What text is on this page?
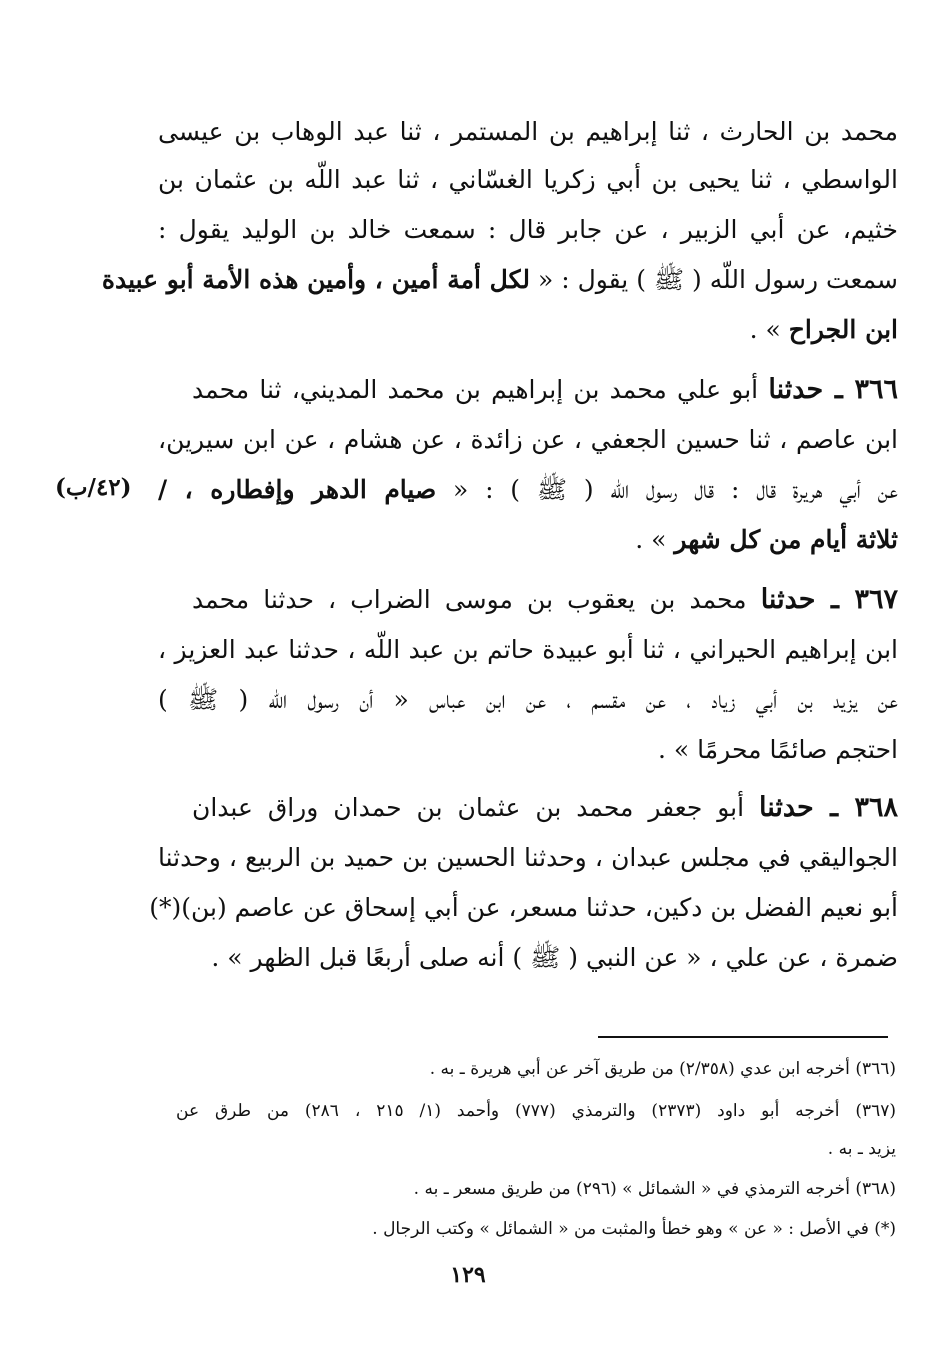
محمد بن الحارث ، ثنا إبراهيم بن المستمر ، ثنا عبد الوهاب بن عيسى
الواسطي ، ثنا يحيى بن أبي زكريا الغسّاني ، ثنا عبد اللّه بن عثمان بن
خثيم، عن أبي الزبير ، عن جابر قال : سمعت خالد بن الوليد يقول :
سمعت رسول اللّه ( ﷺ ) يقول : « لكل أمة أمين ، وأمين هذه الأمة أبو عبيدة
ابن الجراح » .
٣٦٦ ـ حدثنا أبو علي محمد بن إبراهيم بن محمد المديني، ثنا محمد
ابن عاصم ، ثنا حسين الجعفي ، عن زائدة ، عن هشام ، عن ابن سيرين،
عن أبي هريرة قال : قال رسول اللّه ( ﷺ ) : « صيام الدهر وإفطاره ، /
ثلاثة أيام من كل شهر » .
(٤٢/ب)
٣٦٧ ـ حدثنا محمد بن يعقوب بن موسى الضراب ، حدثنا محمد
ابن إبراهيم الحيراني ، ثنا أبو عبيدة حاتم بن عبد اللّه ، حدثنا عبد العزيز ،
عن يزيد بن أبي زياد ، عن مقسم ، عن ابن عباس « أن رسول اللّه ( ﷺ )
احتجم صائمًا محرمًا » .
٣٦٨ ـ حدثنا أبو جعفر محمد بن عثمان بن حمدان وراق عبدان
الجواليقي في مجلس عبدان ، وحدثنا الحسين بن حميد بن الربيع ، وحدثنا
أبو نعيم الفضل بن دكين، حدثنا مسعر، عن أبي إسحاق عن عاصم (بن)(*)
ضمرة ، عن علي ، « عن النبي ( ﷺ ) أنه صلى أربعًا قبل الظهر » .
(٣٦٦) أخرجه ابن عدي (٢/٣٥٨) من طريق آخر عن أبي هريرة ـ به .
(٣٦٧) أخرجه أبو داود (٢٣٧٣) والترمذي (٧٧٧) وأحمد (١/ ٢١٥ ، ٢٨٦) من طرق عن
يزيد ـ به .
(٣٦٨) أخرجه الترمذي في « الشمائل » (٢٩٦) من طريق مسعر ـ به .
(*) في الأصل : « عن » وهو خطأ والمثبت من « الشمائل » وكتب الرجال .
١٢٩
